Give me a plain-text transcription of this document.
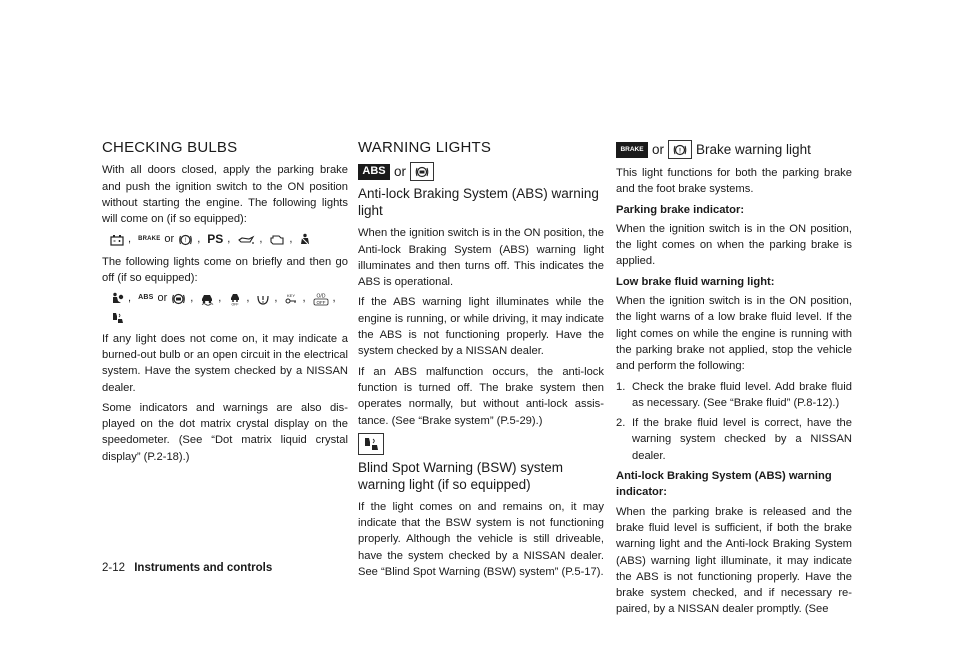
CHECKING BULBS

With all doors closed, apply the parking brake and push the ignition switch to the ON position without starting the engine. The following lights will come on (if so equipped):

, BRAKE or ! , PS ,	, ,

The following lights come on briefly and then go off (if so equipped):

, ABS or , ,	OFF , , KEY , O/D
OFF ,

If any light does not come on, it may indicate a burned-out bulb or an open circuit in the electrical system. Have the system checked by a NISSAN dealer.

Some indicators and warnings are also dis-played on the dot matrix crystal display on the speedometer. (See “Dot matrix liquid crystal display” (P.2-18).)

WARNING LIGHTS
ABS or
Anti-lock Braking System (ABS) warning light

When the ignition switch is in the ON position, the Anti-lock Braking System (ABS) warning light illuminates and then turns off. This indicates the ABS is operational.

If the ABS warning light illuminates while the engine is running, or while driving, it may indicate the ABS is not functioning properly. Have the system checked by a NISSAN dealer.

If an ABS malfunction occurs, the anti-lock function is turned off. The brake system then operates normally, but without anti-lock assis-tance. (See “Brake system” (P.5-29).)

Blind Spot Warning (BSW) system warning light (if so equipped)

If the light comes on and remains on, it may indicate that the BSW system is not functioning properly. Although the vehicle is still driveable, have the system checked by a NISSAN dealer. See “Blind Spot Warning (BSW) system” (P.5-17).

BRAKE or	! Brake warning light

This light functions for both the parking brake and the foot brake systems.

Parking brake indicator:

When the ignition switch is in the ON position, the light comes on when the parking brake is applied.

Low brake fluid warning light:

When the ignition switch is in the ON position, the light warns of a low brake fluid level. If the light comes on while the engine is running with the parking brake not applied, stop the vehicle and perform the following:

1. Check the brake fluid level. Add brake fluid as necessary. (See “Brake fluid” (P.8-12).)
2. If the brake fluid level is correct, have the warning system checked by a NISSAN dealer.
Anti-lock Braking System (ABS) warning indicator:

When the parking brake is released and the brake fluid level is sufficient, if both the brake warning light and the Anti-lock Braking System (ABS) warning light illuminate, it may indicate the ABS is not functioning properly. Have the brake system checked, and if necessary re-paired, by a NISSAN dealer promptly. (See

2-12 Instruments and controls
